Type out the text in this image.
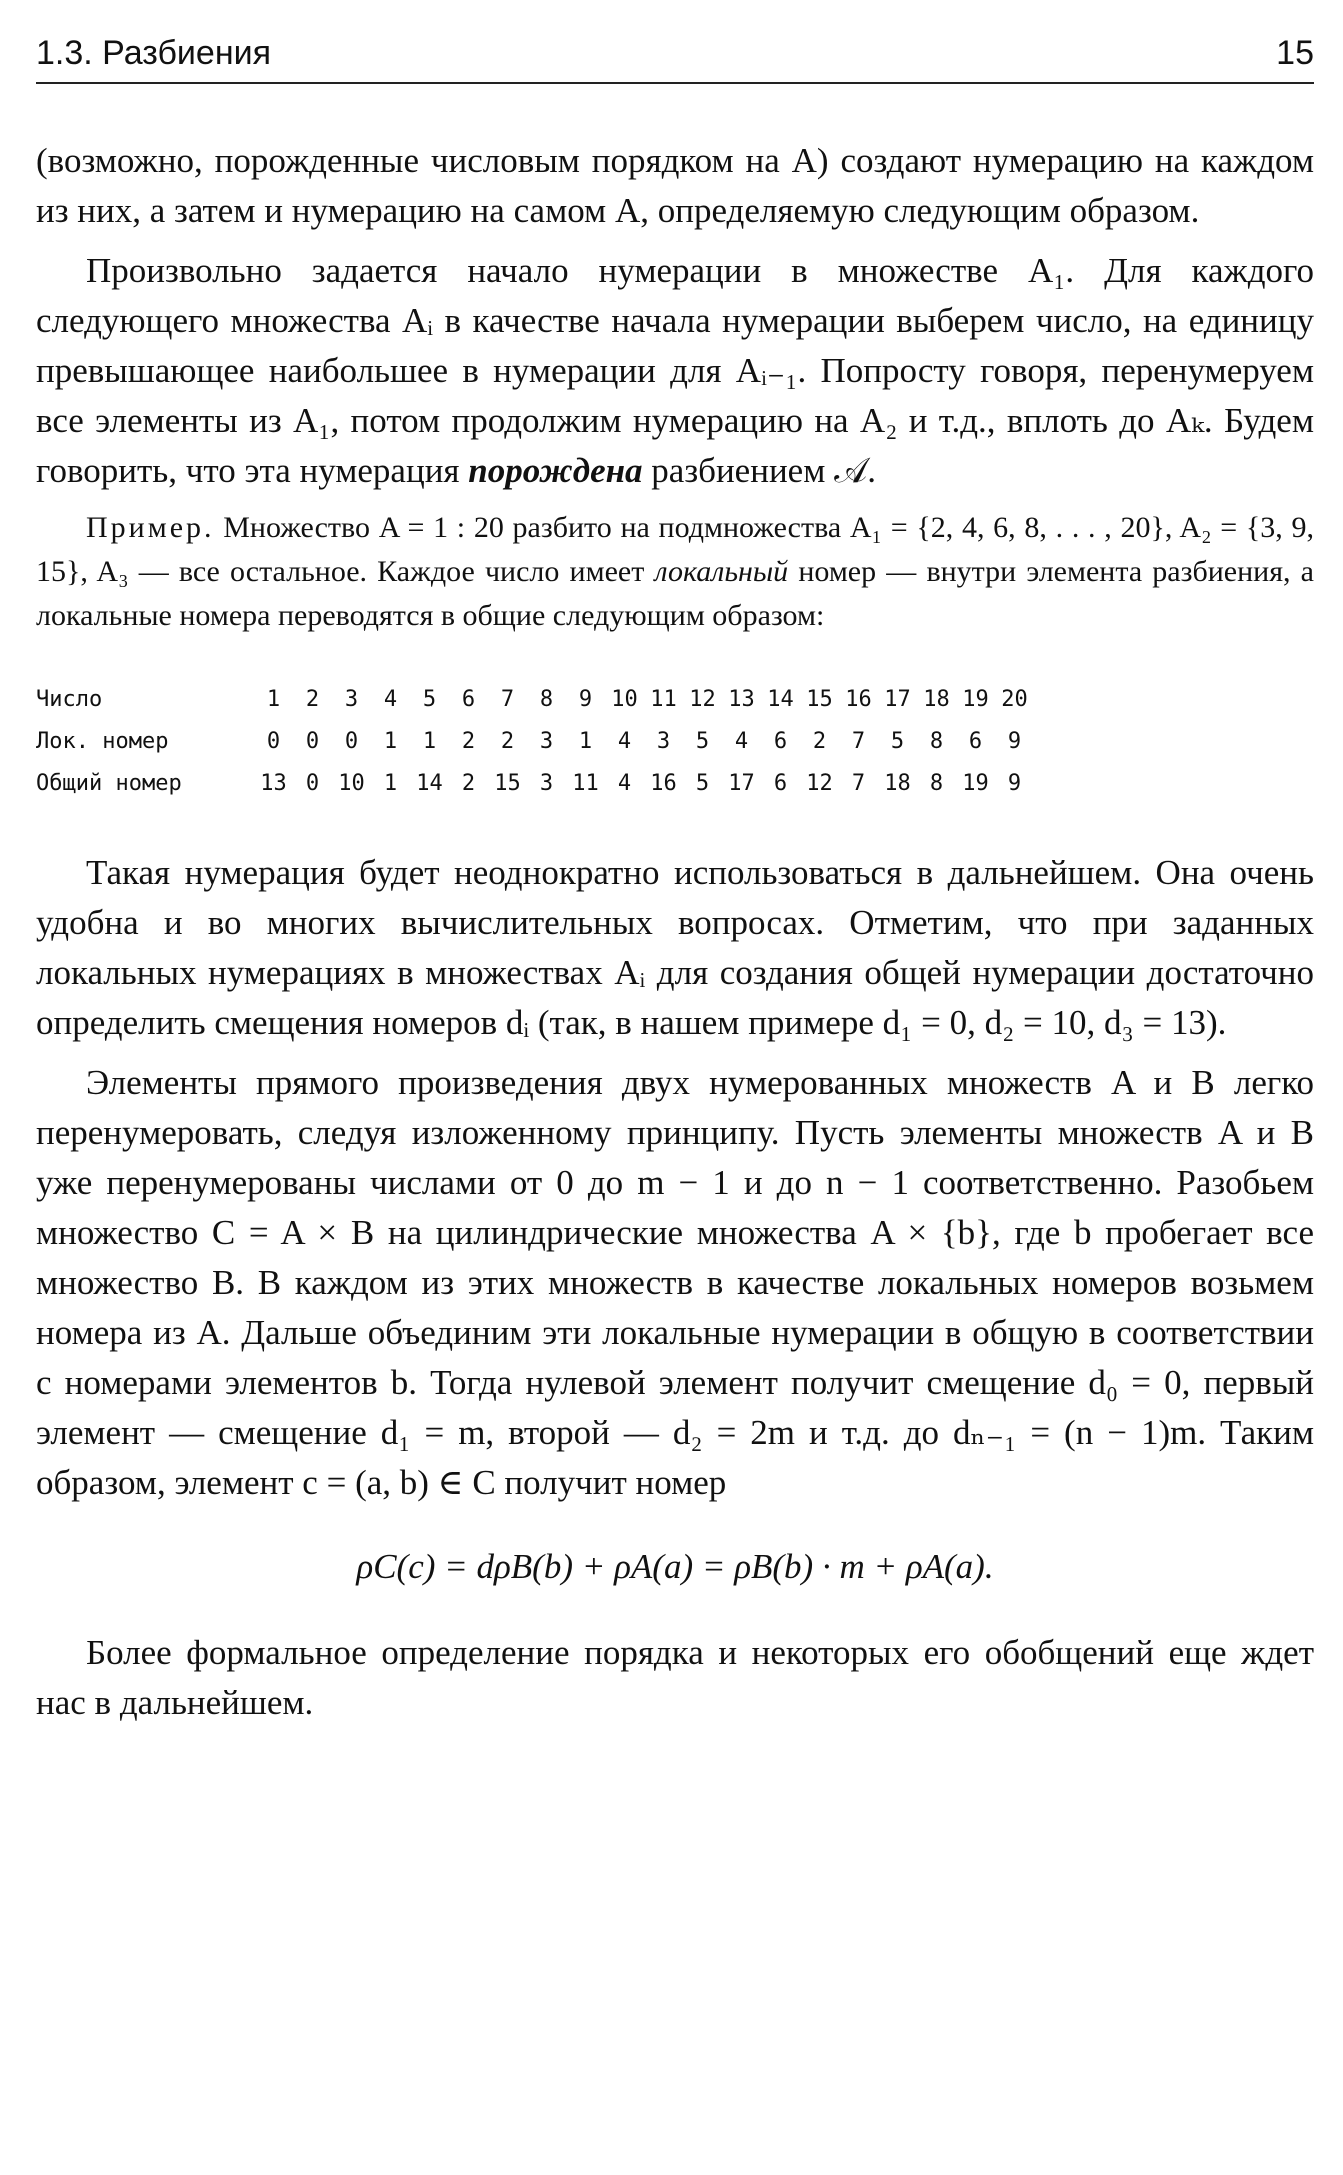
1.3. Разбиения	15

(возможно, порожденные числовым порядком на A) создают нумерацию на каждом из них, а затем и нумерацию на самом A, определяемую следующим образом.

Произвольно задается начало нумерации в множестве A₁. Для каждого следующего множества Aᵢ в качестве начала нумерации выберем число, на единицу превышающее наибольшее в нумерации для Aᵢ₋₁. Попросту говоря, перенумеруем все элементы из A₁, потом продолжим нумерацию на A₂ и т.д., вплоть до Aₖ. Будем говорить, что эта нумерация порождена разбиением 𝒜.

Пример. Множество A = 1 : 20 разбито на подмножества A₁ = {2, 4, 6, 8, . . . , 20}, A₂ = {3, 9, 15}, A₃ — все остальное. Каждое число имеет локальный номер — внутри элемента разбиения, а локальные номера переводятся в общие следующим образом:

Число	1	2	3	4	5	6	7	8	9	10	11	12	13	14	15	16	17	18	19	20
Лок. номер	0	0	0	1	1	2	2	3	1	4	3	5	4	6	2	7	5	8	6	9
Общий номер	13	0	10	1	14	2	15	3	11	4	16	5	17	6	12	7	18	8	19	9

Такая нумерация будет неоднократно использоваться в дальнейшем. Она очень удобна и во многих вычислительных вопросах. Отметим, что при заданных локальных нумерациях в множествах Aᵢ для создания общей нумерации достаточно определить смещения номеров dᵢ (так, в нашем примере d₁ = 0, d₂ = 10, d₃ = 13).

Элементы прямого произведения двух нумерованных множеств A и B легко перенумеровать, следуя изложенному принципу. Пусть элементы множеств A и B уже перенумерованы числами от 0 до m − 1 и до n − 1 соответственно. Разобьем множество C = A × B на цилиндрические множества A × {b}, где b пробегает все множество B. В каждом из этих множеств в качестве локальных номеров возьмем номера из A. Дальше объединим эти локальные нумерации в общую в соответствии с номерами элементов b. Тогда нулевой элемент получит смещение d₀ = 0, первый элемент — смещение d₁ = m, второй — d₂ = 2m и т.д. до dₙ₋₁ = (n − 1)m. Таким образом, элемент c = (a, b) ∈ C получит номер

ρC(c) = dρB(b) + ρA(a) = ρB(b) · m + ρA(a).

Более формальное определение порядка и некоторых его обобщений еще ждет нас в дальнейшем.
